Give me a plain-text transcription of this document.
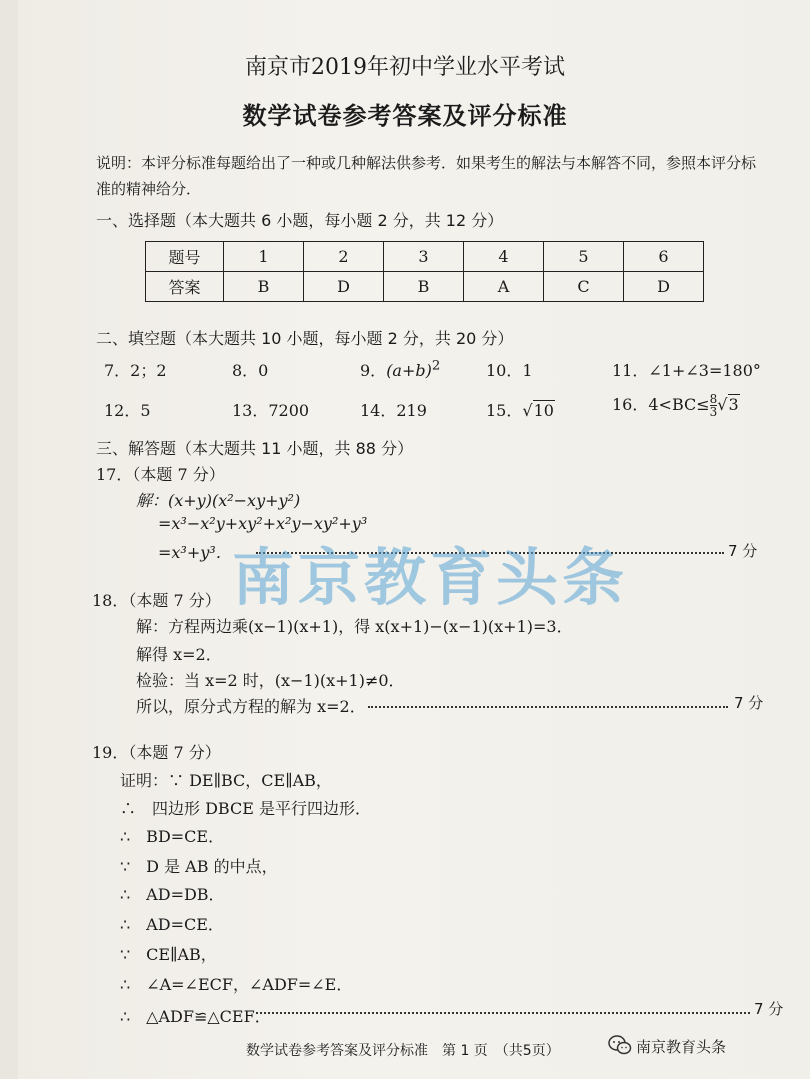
南京市2019年初中学业水平考试
数学试卷参考答案及评分标准
说明：本评分标准每题给出了一种或几种解法供参考．如果考生的解法与本解答不同，参照本评分标准的精神给分．
一、选择题（本大题共 6 小题，每小题 2 分，共 12 分）
题号	1	2	3	4	5	6
答案	B	D	B	A	C	D
二、填空题（本大题共 10 小题，每小题 2 分，共 20 分）
7．2；2	8．0	9．$(a+b)^2$	10．1	11．∠1+∠3=180°
12．5	13．7200	14．219	15．√10	16．$4<BC\le \frac{8}{3} √3$
三、解答题（本大题共 11 小题，共 88 分）
17．（本题 7 分）
解：(x+y)(x²−xy+y²)
=x³−x²y+xy²+x²y−xy²+y³
=x³+y³．	7 分
南京教育头条
18．（本题 7 分）
解：方程两边乘(x−1)(x+1)，得 x(x+1)−(x−1)(x+1)=3．
解得 x=2．
检验：当 x=2 时，(x−1)(x+1)≠0．
所以，原分式方程的解为 x=2．	7 分
19．（本题 7 分）
证明：∵ DE∥BC，CE∥AB，
∴　四边形 DBCE 是平行四边形．
∴　BD=CE．
∵　D 是 AB 的中点，
∴　AD=DB．
∴　AD=CE．
∵　CE∥AB，
∴　∠A=∠ECF，∠ADF=∠E．
∴　△ADF≌△CEF．	7 分
数学试卷参考答案及评分标准　第 1 页　（共5页）	南京教育头条
